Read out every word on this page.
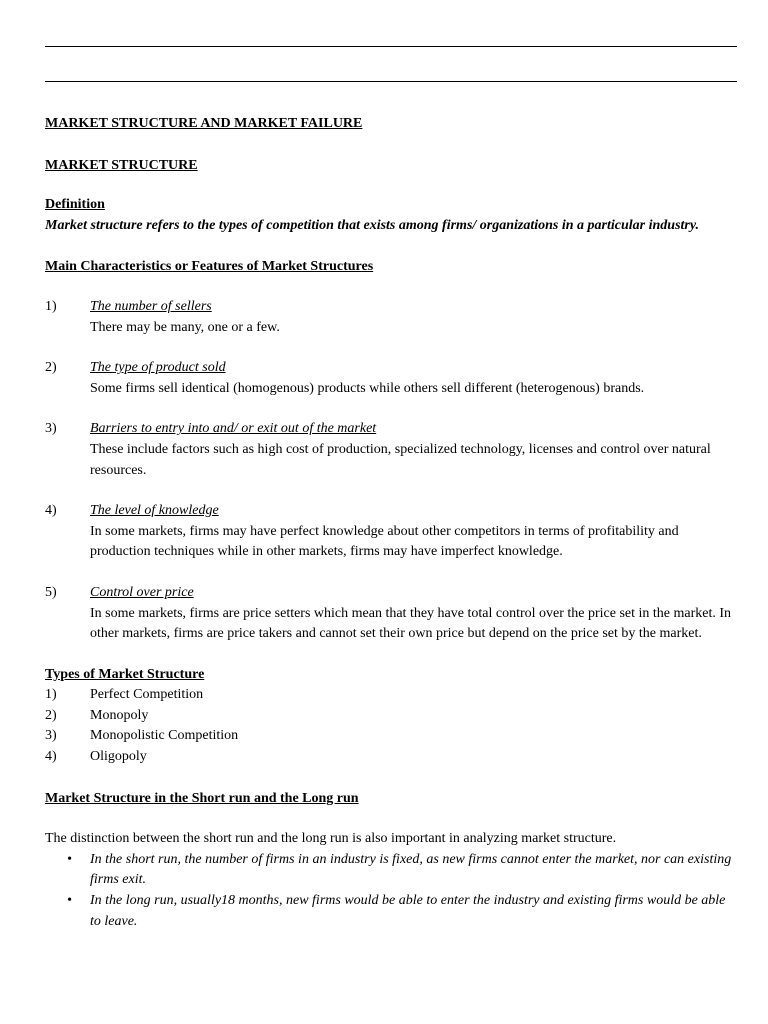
MARKET STRUCTURE AND MARKET FAILURE

MARKET STRUCTURE

Definition
Market structure refers to the types of competition that exists among firms/ organizations in a particular industry.

Main Characteristics or Features of Market Structures

1)	The number of sellers
There may be many, one or a few.
2)	The type of product sold
Some firms sell identical (homogenous) products while others sell different (heterogenous) brands.
3)	Barriers to entry into and/ or exit out of the market
These include factors such as high cost of production, specialized technology, licenses and control over natural resources.
4)	The level of knowledge
In some markets, firms may have perfect knowledge about other competitors in terms of profitability and production techniques while in other markets, firms may have imperfect knowledge.
5)	Control over price
In some markets, firms are price setters which mean that they have total control over the price set in the market. In other markets, firms are price takers and cannot set their own price but depend on the price set by the market.

Types of Market Structure

1)	Perfect Competition
2)	Monopoly
3)	Monopolistic Competition
4)	Oligopoly

Market Structure in the Short run and the Long run

The distinction between the short run and the long run is also important in analyzing market structure.
•	In the short run, the number of firms in an industry is fixed, as new firms cannot enter the market, nor can existing firms exit.
•	In the long run, usually18 months, new firms would be able to enter the industry and existing firms would be able to leave.
